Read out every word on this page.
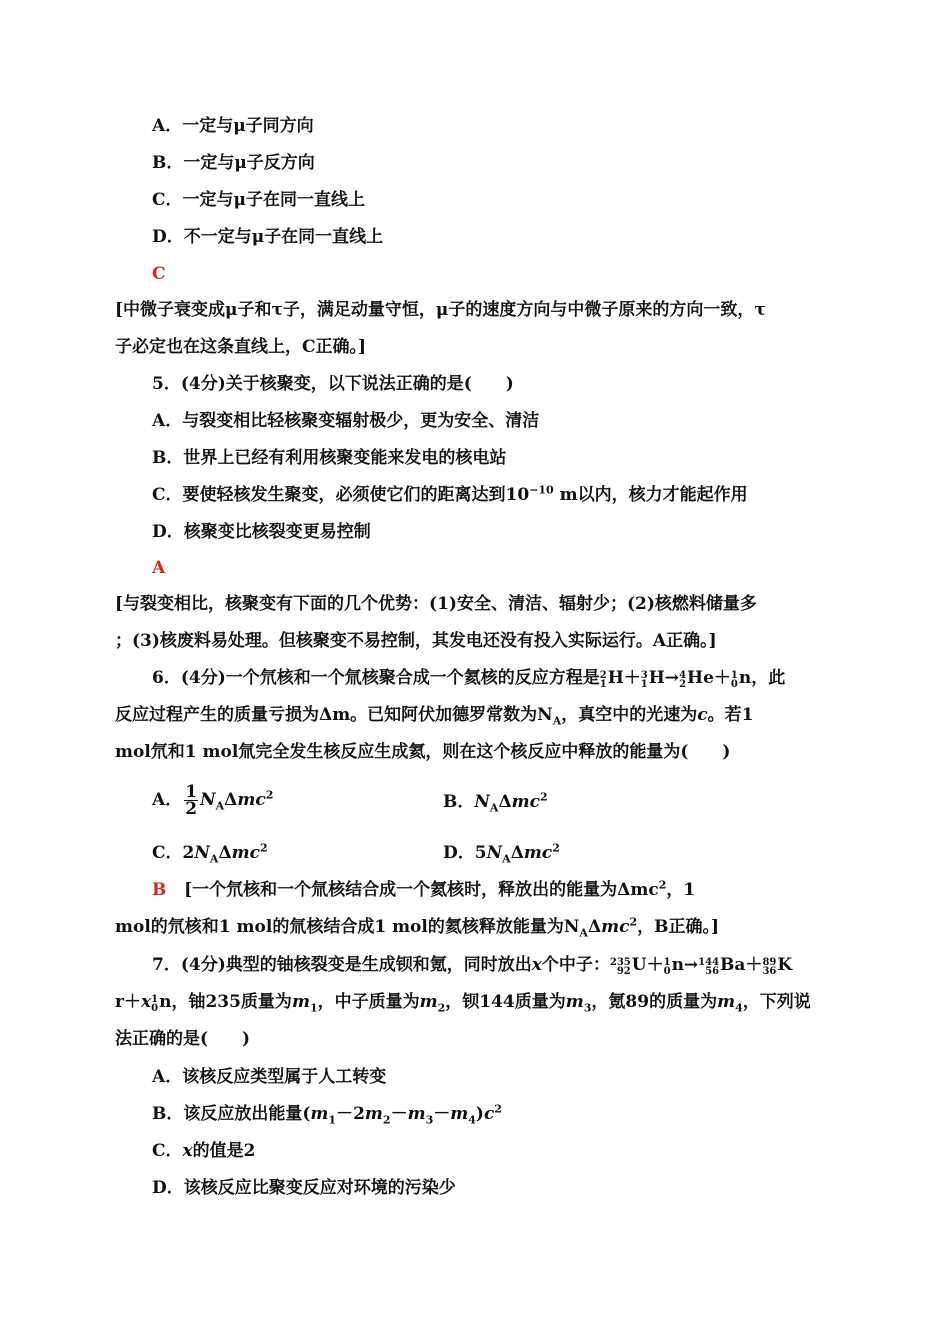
A．一定与μ子同方向
B．一定与μ子反方向
C．一定与μ子在同一直线上
D．不一定与μ子在同一直线上
C
[中微子衰变成μ子和τ子，满足动量守恒，μ子的速度方向与中微子原来的方向一致，τ
子必定也在这条直线上，C正确。]
5．(4分)关于核聚变，以下说法正确的是(　　)
A．与裂变相比轻核聚变辐射极少，更为安全、清洁
B．世界上已经有利用核聚变能来发电的核电站
C．要使轻核发生聚变，必须使它们的距离达到$10^{-10}$ m以内，核力才能起作用
D．核聚变比核裂变更易控制
A
[与裂变相比，核聚变有下面的几个优势：(1)安全、清洁、辐射少；(2)核燃料储量多
；(3)核废料易处理。但核聚变不易控制，其发电还没有投入实际运行。A正确。]
6．(4分)一个氘核和一个氚核聚合成一个氦核的反应方程是 2
1 H＋ 3
1 H→ 4
2 He＋ 1
0 n，此
反应过程产生的质量亏损为Δm。已知阿伏加德罗常数为$N_A$，真空中的光速为c。若1
mol氘和1 mol氚完全发生核反应生成氦，则在这个核反应中释放的能量为(　　)
A． $\frac{1}{2} N_A\Delta mc^2$	B．$N_A\Delta mc^2$
C．$2N_A\Delta mc^2$	D．$5N_A\Delta mc^2$
B [一个氘核和一个氚核结合成一个氦核时，释放出的能量为Δmc$^2$，1
mol的氘核和1 mol的氚核结合成1 mol的氦核释放能量为$N_A\Delta mc^2$，B正确。]
7．(4分)典型的铀核裂变是生成钡和氪，同时放出x个中子： 235
92 U＋ 1
0 n→ 144
56 Ba＋ 89
36 K
r＋x 1
0 n，铀235质量为$m_1$，中子质量为$m_2$，钡144质量为$m_3$，氪89的质量为$m_4$，下列说
法正确的是(　　)
A．该核反应类型属于人工转变
B．该反应放出能量$(m_1-2m_2-m_3-m_4)c^2$
C．x的值是2
D．该核反应比聚变反应对环境的污染少
